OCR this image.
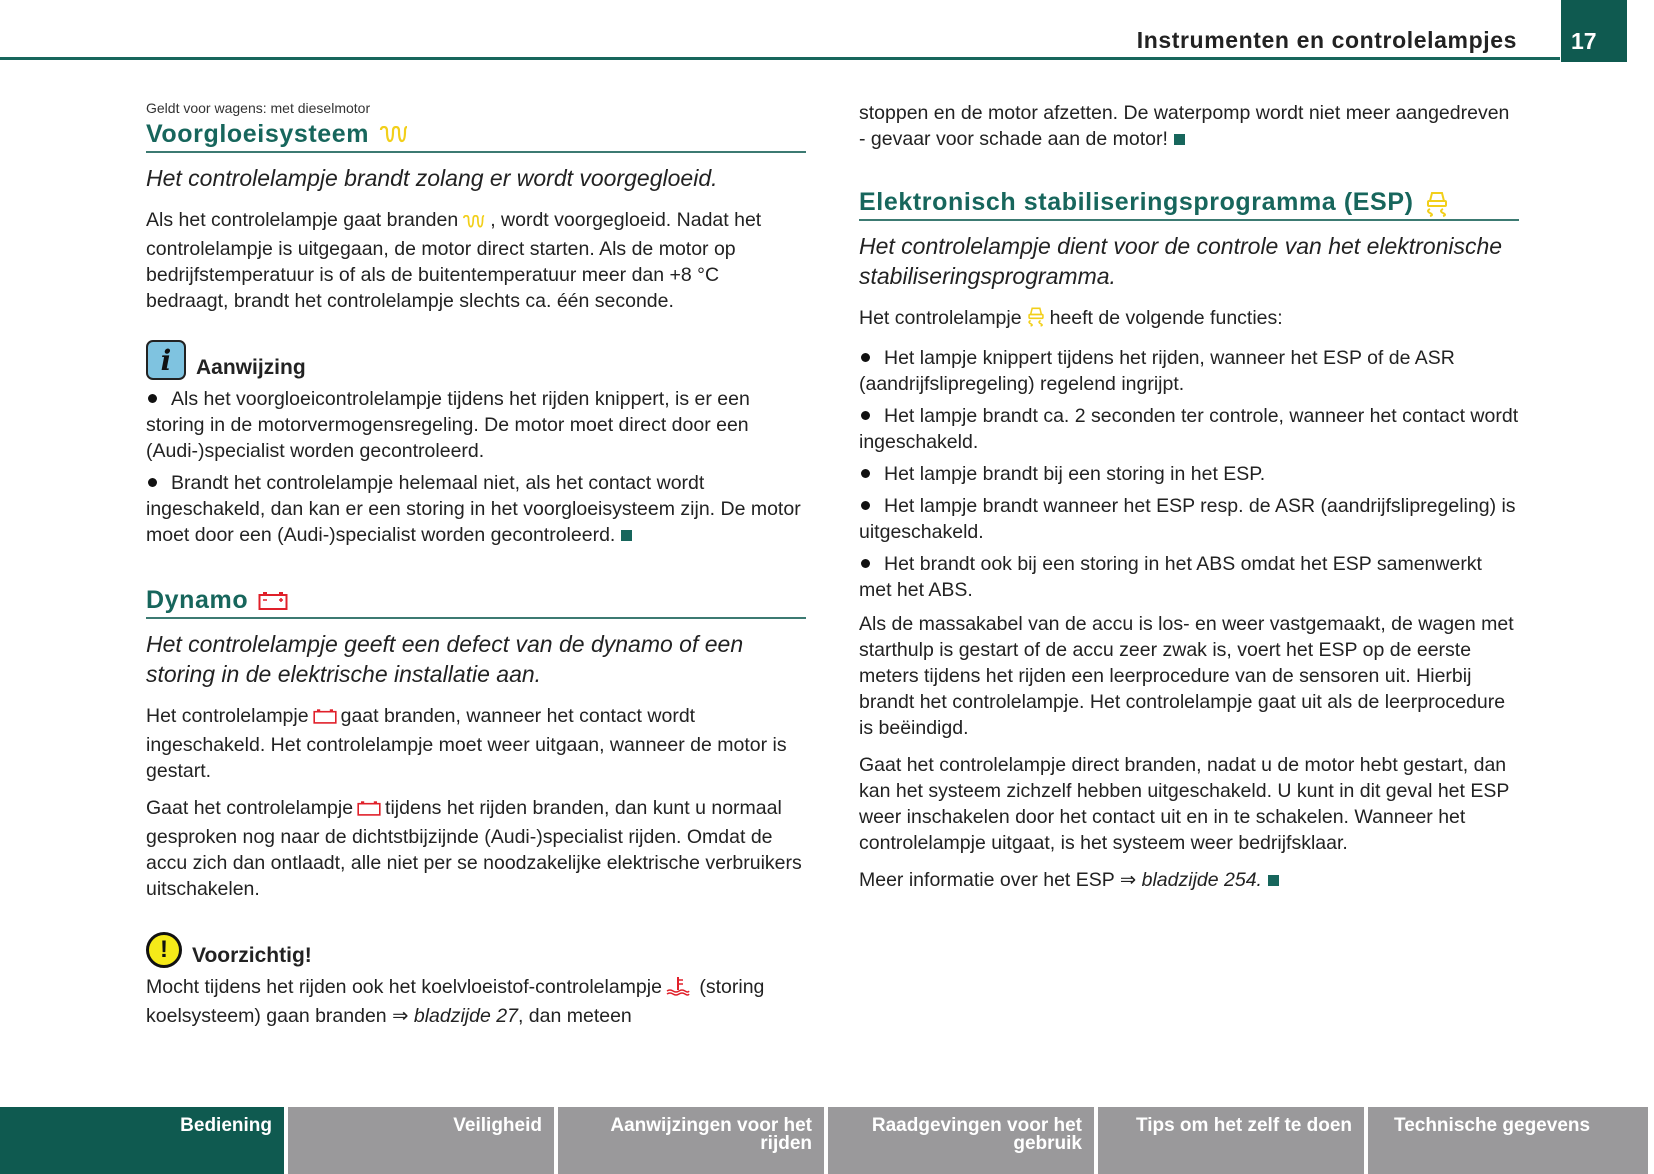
Instrumenten en controlelampjes 17

Geldt voor wagens: met dieselmotor

Voorgloeisysteem

Het controlelampje brandt zolang er wordt voorgegloeid.

Als het controlelampje gaat branden , wordt voorgegloeid. Nadat het controlelampje is uitgegaan, de motor direct starten. Als de motor op bedrijfstemperatuur is of als de buitentemperatuur meer dan +8 °C bedraagt, brandt het controlelampje slechts ca. één seconde.

i	Aanwijzing

Als het voorgloeicontrolelampje tijdens het rijden knippert, is er een storing in de motorvermogensregeling. De motor moet direct door een (Audi-)specialist worden gecontroleerd.

Brandt het controlelampje helemaal niet, als het contact wordt ingeschakeld, dan kan er een storing in het voorgloeisysteem zijn. De motor moet door een (Audi-)specialist worden gecontroleerd.

Dynamo

Het controlelampje geeft een defect van de dynamo of een storing in de elektrische installatie aan.

Het controlelampje gaat branden, wanneer het contact wordt ingeschakeld. Het controlelampje moet weer uitgaan, wanneer de motor is gestart.

Gaat het controlelampje tijdens het rijden branden, dan kunt u normaal gesproken nog naar de dichtstbijzijnde (Audi-)specialist rijden. Omdat de accu zich dan ontlaadt, alle niet per se noodzakelijke elektrische verbruikers uitschakelen.

!	Voorzichtig!

Mocht tijdens het rijden ook het koelvloeistof-controlelampje (storing koelsysteem) gaan branden ⇒ bladzijde 27, dan meteen

stoppen en de motor afzetten. De waterpomp wordt niet meer aangedreven - gevaar voor schade aan de motor!

Elektronisch stabiliseringsprogramma (ESP)

Het controlelampje dient voor de controle van het elektronische stabiliseringsprogramma.

Het controlelampje heeft de volgende functies:

Het lampje knippert tijdens het rijden, wanneer het ESP of de ASR (aandrijfslipregeling) regelend ingrijpt.

Het lampje brandt ca. 2 seconden ter controle, wanneer het contact wordt ingeschakeld.

Het lampje brandt bij een storing in het ESP.

Het lampje brandt wanneer het ESP resp. de ASR (aandrijfslipregeling) is uitgeschakeld.

Het brandt ook bij een storing in het ABS omdat het ESP samenwerkt met het ABS.

Als de massakabel van de accu is los- en weer vastgemaakt, de wagen met starthulp is gestart of de accu zeer zwak is, voert het ESP op de eerste meters tijdens het rijden een leerprocedure van de sensoren uit. Hierbij brandt het controlelampje. Het controlelampje gaat uit als de leerprocedure is beëindigd.

Gaat het controlelampje direct branden, nadat u de motor hebt gestart, dan kan het systeem zichzelf hebben uitgeschakeld. U kunt in dit geval het ESP weer inschakelen door het contact uit en in te schakelen. Wanneer het controlelampje uitgaat, is het systeem weer bedrijfsklaar.

Meer informatie over het ESP ⇒ bladzijde 254.

Bediening	Veiligheid	Aanwijzingen voor het rijden
Raadgevingen voor het gebruik
Tips om het zelf te doen	Technische gegevens
